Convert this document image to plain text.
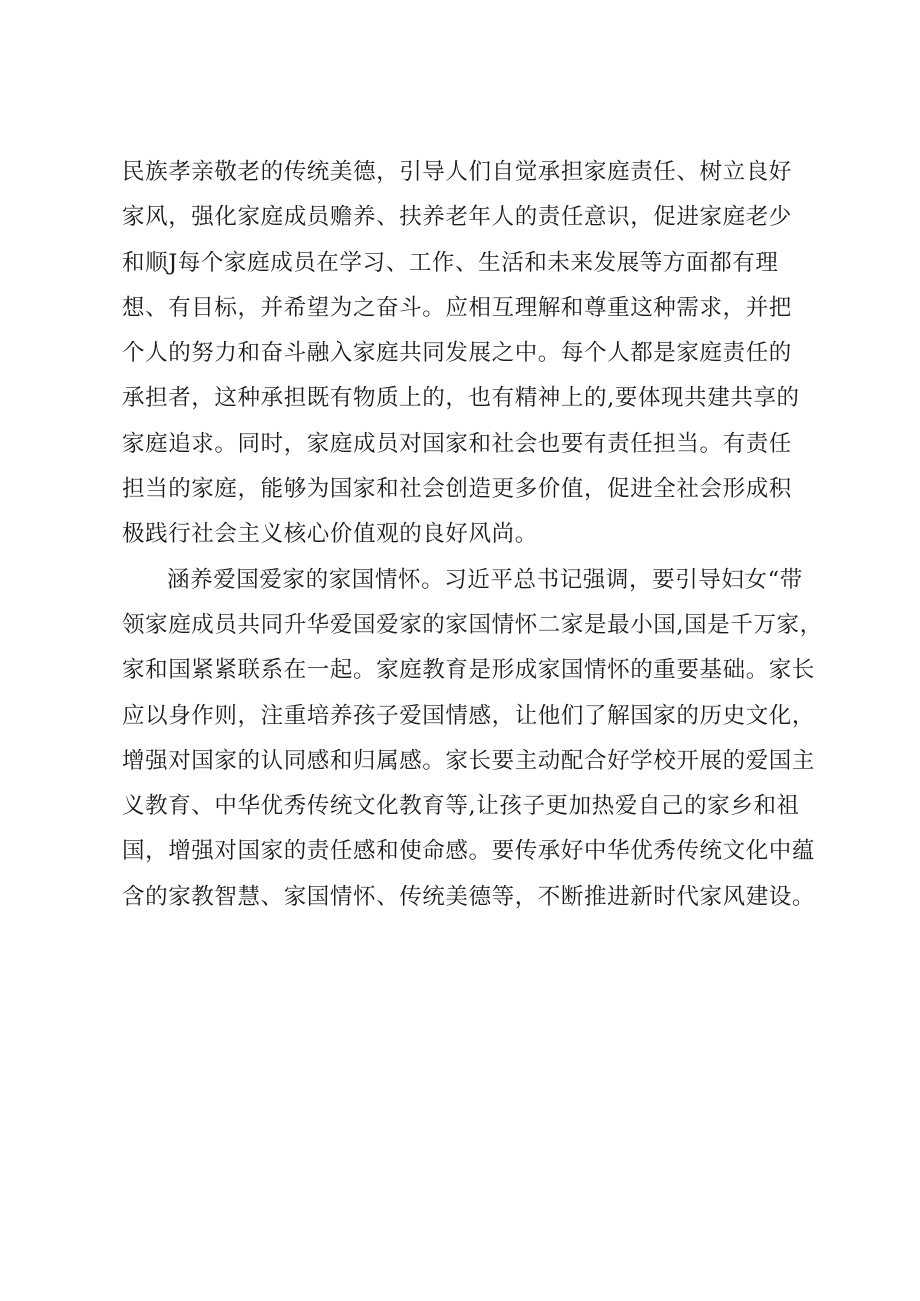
民族孝亲敬老的传统美德，引导人们自觉承担家庭责任、树立良好
家风，强化家庭成员赡养、扶养老年人的责任意识，促进家庭老少
和顺J每个家庭成员在学习、工作、生活和未来发展等方面都有理
想、有目标，并希望为之奋斗。应相互理解和尊重这种需求，并把
个人的努力和奋斗融入家庭共同发展之中。每个人都是家庭责任的
承担者，这种承担既有物质上的，也有精神上的,要体现共建共享的
家庭追求。同时，家庭成员对国家和社会也要有责任担当。有责任
担当的家庭，能够为国家和社会创造更多价值，促进全社会形成积
极践行社会主义核心价值观的良好风尚。
涵养爱国爱家的家国情怀。习近平总书记强调，要引导妇女“带
领家庭成员共同升华爱国爱家的家国情怀二家是最小国,国是千万家，
家和国紧紧联系在一起。家庭教育是形成家国情怀的重要基础。家长
应以身作则，注重培养孩子爱国情感，让他们了解国家的历史文化，
增强对国家的认同感和归属感。家长要主动配合好学校开展的爱国主
义教育、中华优秀传统文化教育等,让孩子更加热爱自己的家乡和祖
国，增强对国家的责任感和使命感。要传承好中华优秀传统文化中蕴
含的家教智慧、家国情怀、传统美德等，不断推进新时代家风建设。
